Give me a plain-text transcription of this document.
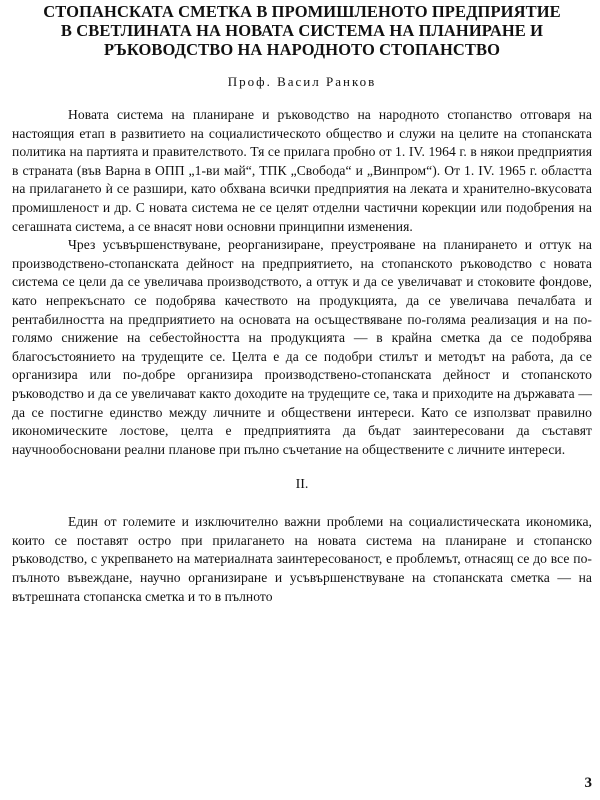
СТОПАНСКАТА СМЕТКА В ПРОМИШЛЕНОТО ПРЕДПРИЯТИЕ
В СВЕТЛИНАТА НА НОВАТА СИСТЕМА НА ПЛАНИРАНЕ И
РЪКОВОДСТВО НА НАРОДНОТО СТОПАНСТВО
Проф. Васил Ранков

Новата система на планиране и ръководство на народното стопанство отговаря на настоящия етап в развитието на социалистическото общество и служи на целите на стопанската политика на партията и правителството. Тя се прилага пробно от 1. IV. 1964 г. в някои предприятия в страната (във Варна в ОПП „1-ви май“, ТПК „Свобода“ и „Винпром“). От 1. IV. 1965 г. областта на прилагането ѝ се разшири, като обхвана всички предприятия на леката и хранително-вкусовата промишленост и др. С новата система не се целят отделни частични корекции или подобрения на сегашната система, а се внасят нови основни принципни изменения.

Чрез усъвършенствуване, реорганизиране, преустрояване на планирането и оттук на производствено-стопанската дейност на предприятието, на стопанското ръководство с новата система се цели да се увеличава производството, а оттук и да се увеличават и стоковите фондове, като непрекъснато се подобрява качеството на продукцията, да се увеличава печалбата и рентабилността на предприятието на основата на осъществяване по-голяма реализация и на по-голямо снижение на себестойността на продукцията — в крайна сметка да се подобрява благосъстоянието на трудещите се. Целта е да се подобри стилът и методът на работа, да се организира или по-добре организира производствено-стопанската дейност и стопанското ръководство и да се увеличават както доходите на трудещите се, така и приходите на държавата — да се постигне единство между личните и обществени интереси. Като се използват правилно икономическите лостове, целта е предприятията да бъдат заинтересовани да съставят научнообосновани реални планове при пълно съчетание на обществените с личните интереси.

II.

Един от големите и изключително важни проблеми на социалистическата икономика, които се поставят остро при прилагането на новата система на планиране и стопанско ръководство, с укрепването на материалната заинтересованост, е проблемът, отнасящ се до все по-пълното въвеждане, научно организиране и усъвършенствуване на стопанската сметка — на вътрешната стопанска сметка и то в пълното

3
